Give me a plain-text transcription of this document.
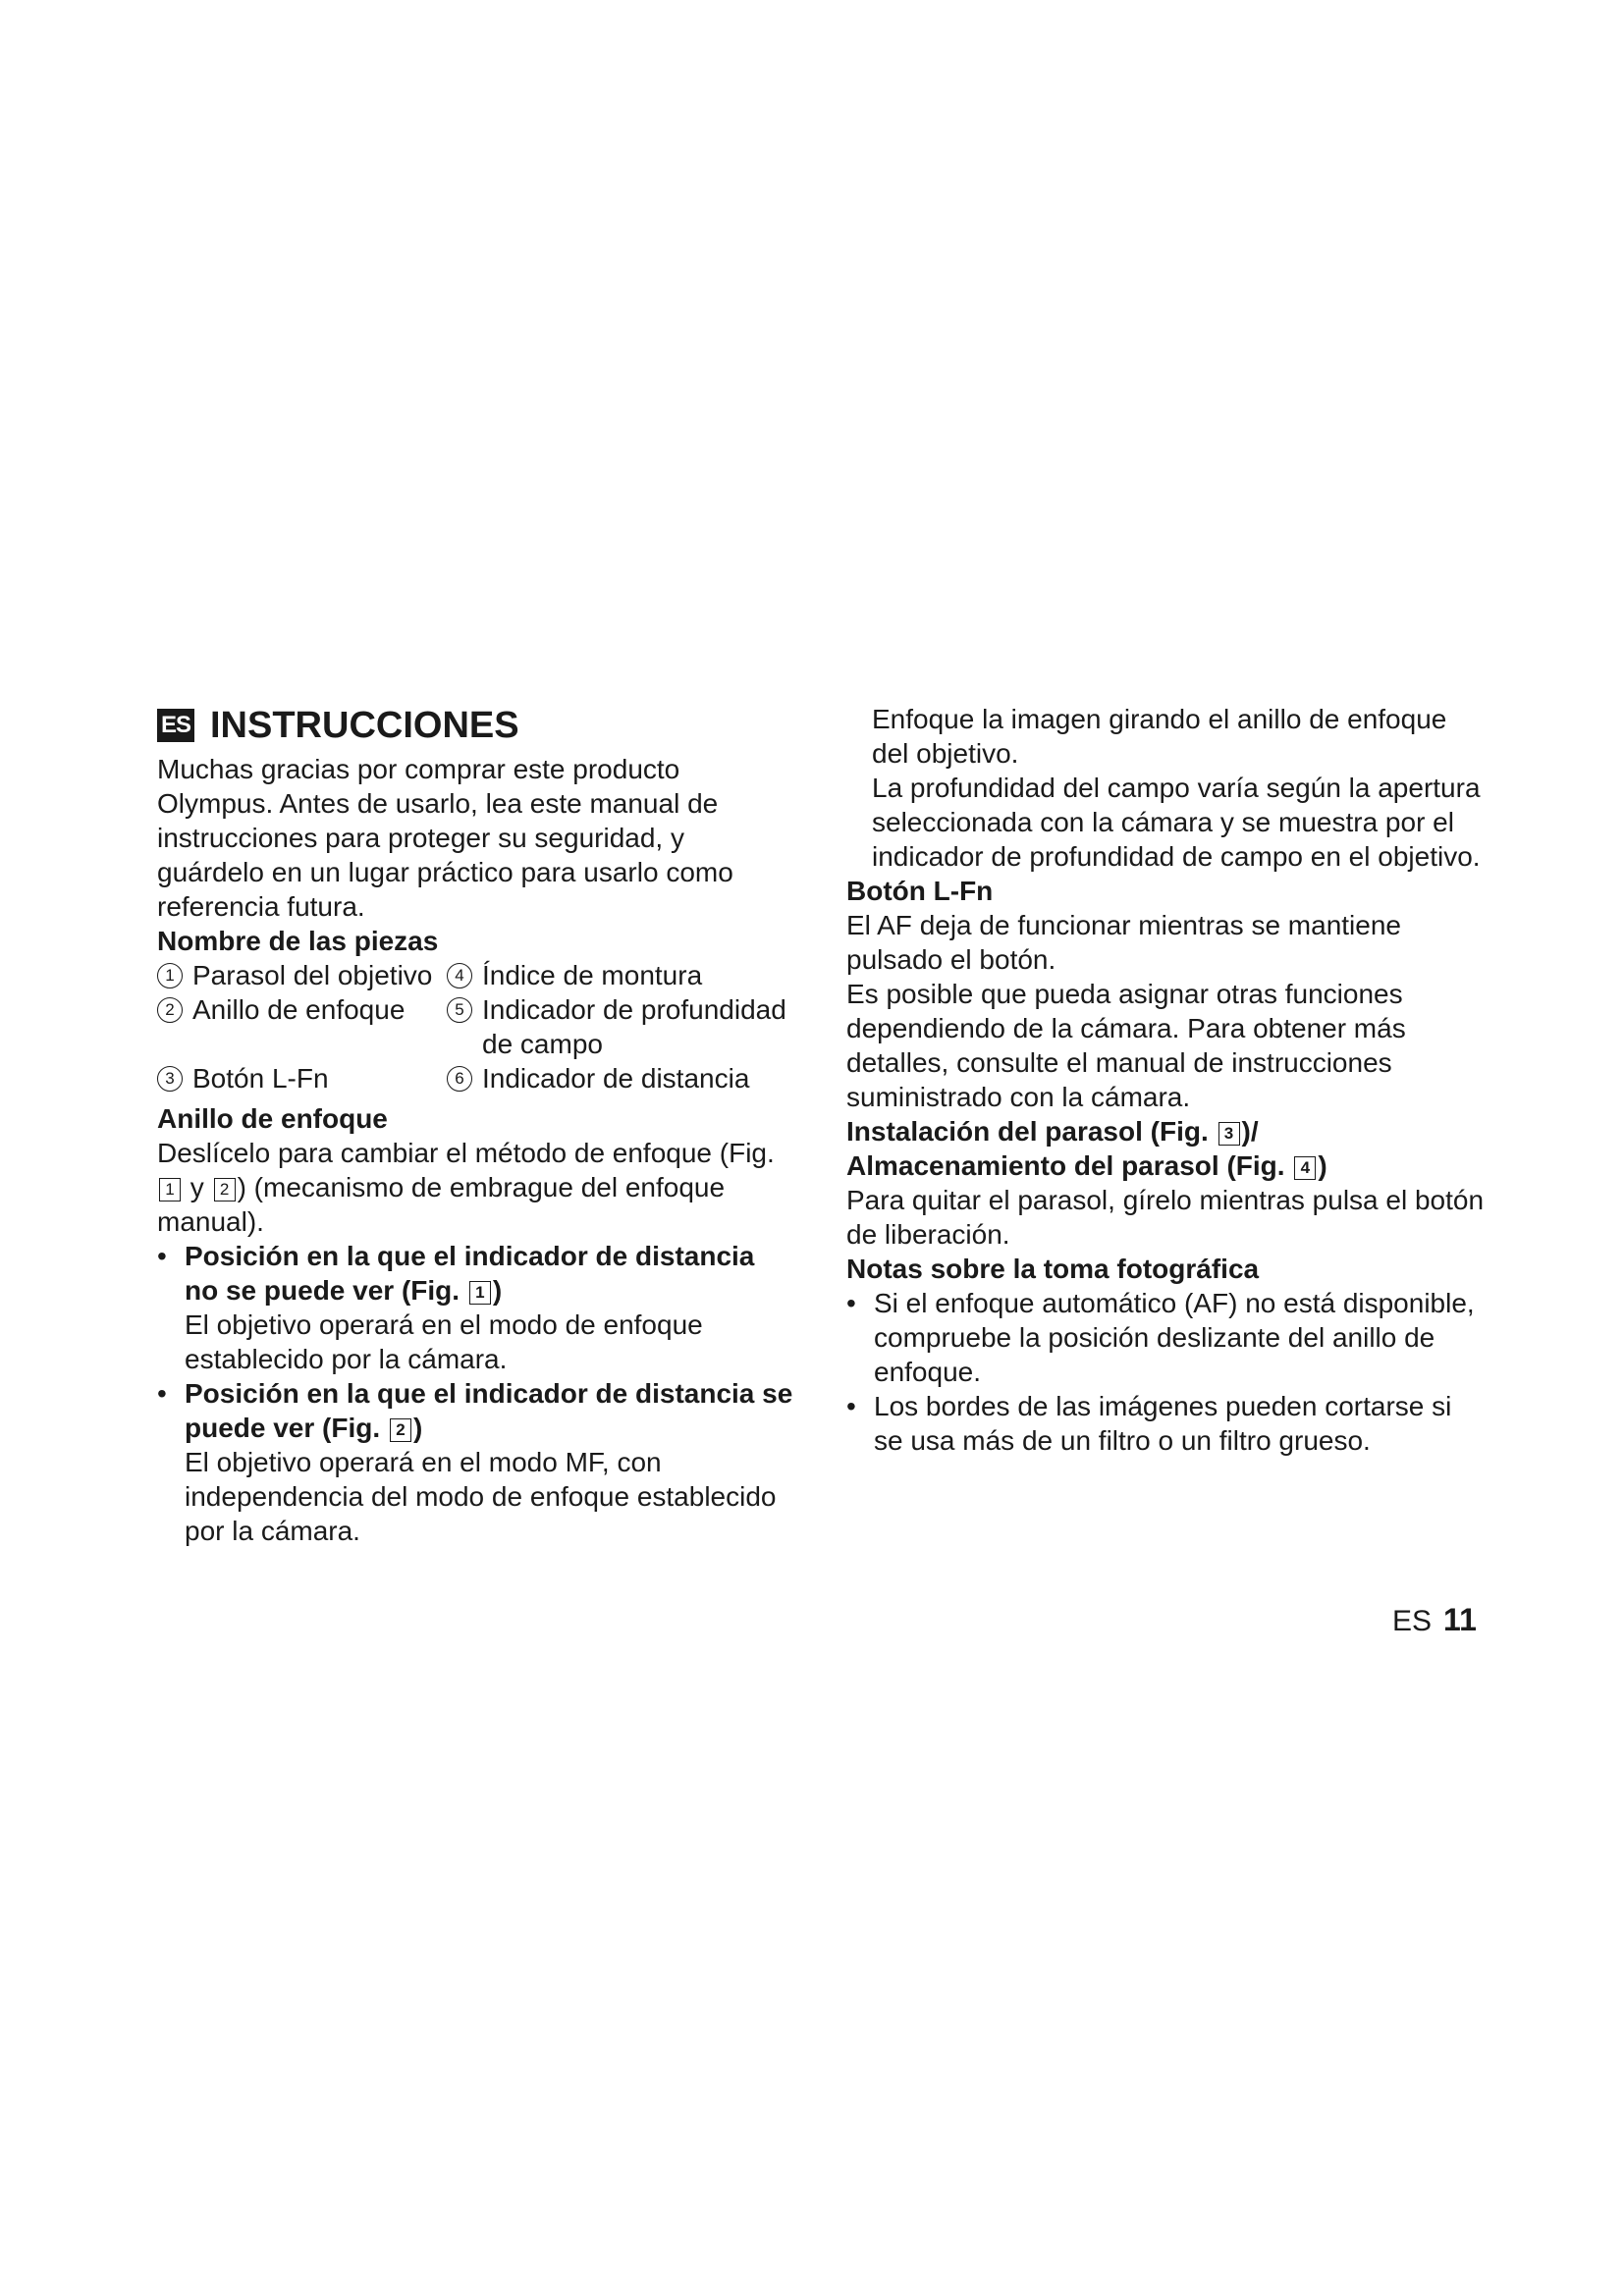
ES INSTRUCCIONES

Muchas gracias por comprar este producto Olympus. Antes de usarlo, lea este manual de instrucciones para proteger su seguridad, y guárdelo en un lugar práctico para usarlo como referencia futura.

Nombre de las piezas

1 Parasol del objetivo	4 Índice de montura
2 Anillo de enfoque	5 Indicador de profundidad de campo
3 Botón L-Fn	6 Indicador de distancia

Anillo de enfoque

Deslícelo para cambiar el método de enfoque (Fig. 1 y 2 ) (mecanismo de embrague del enfoque manual).

• Posición en la que el indicador de distancia no se puede ver (Fig. 1 )

El objetivo operará en el modo de enfoque establecido por la cámara.

• Posición en la que el indicador de distancia se puede ver (Fig. 2 )

El objetivo operará en el modo MF, con independencia del modo de enfoque establecido por la cámara.

Enfoque la imagen girando el anillo de enfoque del objetivo.

La profundidad del campo varía según la apertura seleccionada con la cámara y se muestra por el indicador de profundidad de campo en el objetivo.

Botón L-Fn

El AF deja de funcionar mientras se mantiene pulsado el botón.

Es posible que pueda asignar otras funciones dependiendo de la cámara. Para obtener más detalles, consulte el manual de instrucciones suministrado con la cámara.

Instalación del parasol (Fig. 3 )/

Almacenamiento del parasol (Fig. 4 )

Para quitar el parasol, gírelo mientras pulsa el botón de liberación.

Notas sobre la toma fotográfica

• Si el enfoque automático (AF) no está disponible, compruebe la posición deslizante del anillo de enfoque.

• Los bordes de las imágenes pueden cortarse si se usa más de un filtro o un filtro grueso.

ES 11
